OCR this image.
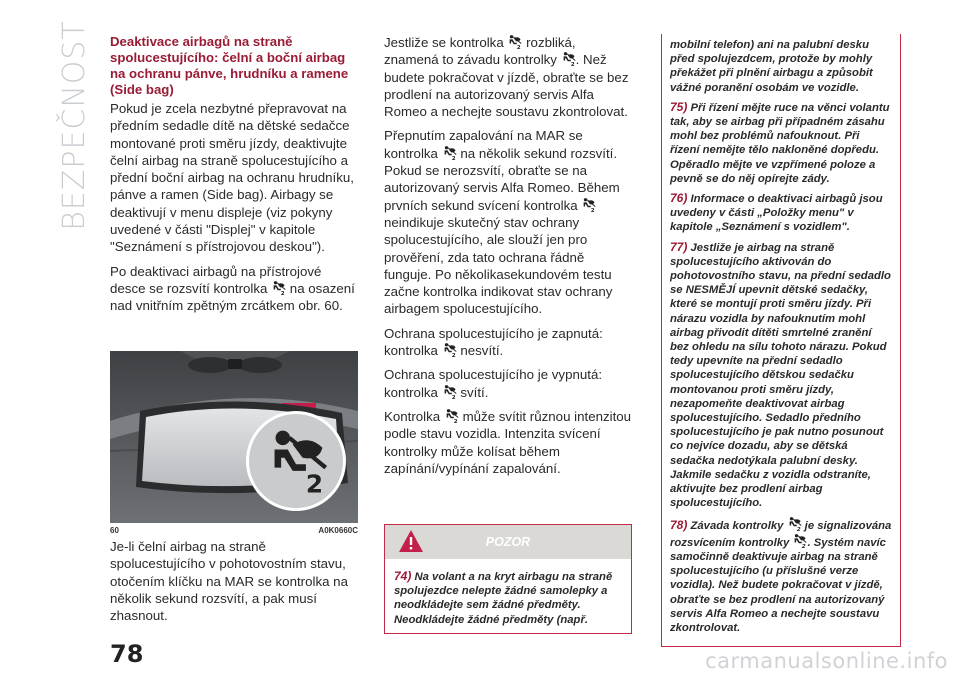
BEZPEČNOST Deaktivace airbagů na straně spolucestujícího: čelní a boční airbag na ochranu pánve, hrudníku a ramene (Side bag)

Pokud je zcela nezbytné přepravovat na předním sedadle dítě na dětské sedačce montované proti směru jízdy, deaktivujte čelní airbag na straně spolucestujícího a přední boční airbag na ochranu hrudníku, pánve a ramen (Side bag). Airbagy se deaktivují v menu displeje (viz pokyny uvedené v části "Displej" v kapitole "Seznámení s přístrojovou deskou").

Po deaktivaci airbagů na přístrojové desce se rozsvítí kontrolka
na osazení nad vnitřním zpětným zrcátkem obr. 60.

Jestliže se kontrolka
rozbliká, znamená to závadu kontrolky
. Než budete pokračovat v jízdě, obraťte se bez prodlení na autorizovaný servis Alfa Romeo a nechejte soustavu zkontrolovat.

Přepnutím zapalování na MAR se kontrolka
na několik sekund rozsvítí. Pokud se nerozsvítí, obraťte se na autorizovaný servis Alfa Romeo. Během prvních sekund svícení kontrolka
neindikuje skutečný stav ochrany spolucestujícího, ale slouží jen pro prověření, zda tato ochrana řádně funguje. Po několikasekundovém testu začne kontrolka indikovat stav ochrany airbagem spolucestujícího.

Ochrana spolucestujícího je zapnutá: kontrolka
nesvítí.

Ochrana spolucestujícího je vypnutá: kontrolka
svítí.

Kontrolka
může svítit různou intenzitou podle stavu vozidla. Intenzita svícení kontrolky může kolísat během zapínání/vypínání zapalování.

60	A0K0660C

Je-li čelní airbag na straně spolucestujícího v pohotovostním stavu, otočením klíčku na MAR se kontrolka na několik sekund rozsvítí, a pak musí zhasnout.

POZOR

74) Na volant a na kryt airbagu na straně spolujezdce nelepte žádné samolepky a neodkládejte sem žádné předměty. Neodkládejte žádné předměty (např.

mobilní telefon) ani na palubní desku před spolujezdcem, protože by mohly překážet při plnění airbagu a způsobit vážné poranění osobám ve vozidle.

75) Při řízení mějte ruce na věnci volantu tak, aby se airbag při případném zásahu mohl bez problémů nafouknout. Při řízení nemějte tělo nakloněné dopředu. Opěradlo mějte ve vzpřímené poloze a pevně se do něj opírejte zády.

76) Informace o deaktivaci airbagů jsou uvedeny v části „Položky menu" v kapitole „Seznámení s vozidlem".

77) Jestliže je airbag na straně spolucestujícího aktivován do pohotovostního stavu, na přední sedadlo se NESMĚJÍ upevnit dětské sedačky, které se montují proti směru jízdy. Při nárazu vozidla by nafouknutím mohl airbag přivodit dítěti smrtelné zranění bez ohledu na sílu tohoto nárazu. Pokud tedy upevníte na přední sedadlo spolucestujícího dětskou sedačku montovanou proti směru jízdy, nezapomeňte deaktivovat airbag spolucestujícího. Sedadlo předního spolucestujícího je pak nutno posunout co nejvíce dozadu, aby se dětská sedačka nedotýkala palubní desky. Jakmile sedačku z vozidla odstraníte, aktivujte bez prodlení airbag spolucestujícího.

78) Závada kontrolky
je signalizována rozsvícením kontrolky
. Systém navíc samočinně deaktivuje airbag na straně spolucestujícího (u příslušné verze vozidla). Než budete pokračovat v jízdě, obraťte se bez prodlení na autorizovaný servis Alfa Romeo a nechejte soustavu zkontrolovat.

78	carmanualsonline.info
